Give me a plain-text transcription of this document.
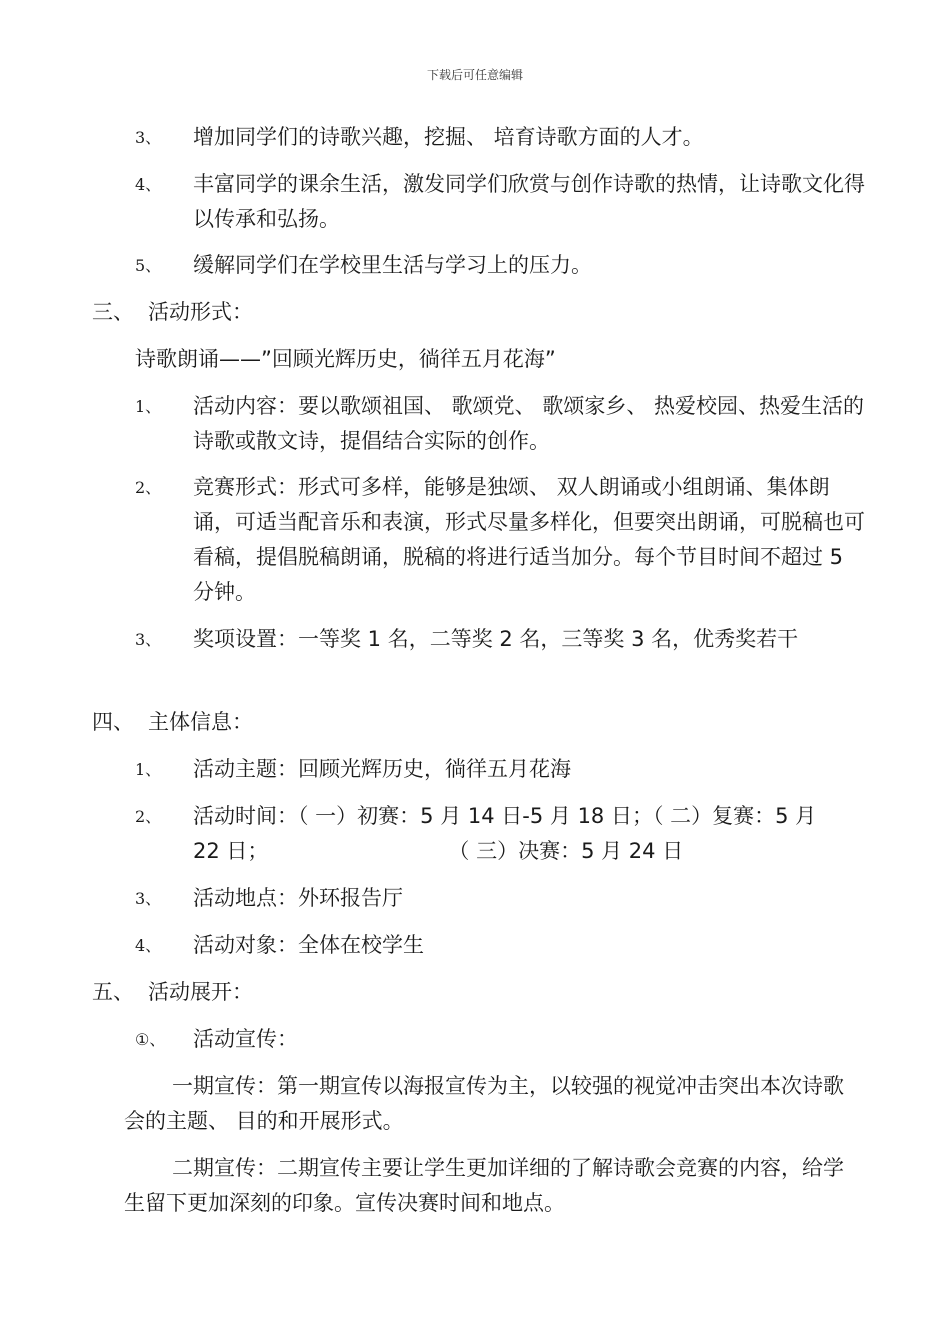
下载后可任意编辑
3、	增加同学们的诗歌兴趣，挖掘、 培育诗歌方面的人才。
4、	丰富同学的课余生活，激发同学们欣赏与创作诗歌的热情，让诗歌文化得以传承和弘扬。
5、	缓解同学们在学校里生活与学习上的压力。
三、 活动形式：
诗歌朗诵——”回顾光辉历史，徜徉五月花海”
1、	活动内容：要以歌颂祖国、 歌颂党、 歌颂家乡、 热爱校园、热爱生活的诗歌或散文诗，提倡结合实际的创作。
2、	竞赛形式：形式可多样，能够是独颂、 双人朗诵或小组朗诵、集体朗诵，可适当配音乐和表演，形式尽量多样化，但要突出朗诵，可脱稿也可看稿，提倡脱稿朗诵，脱稿的将进行适当加分。每个节目时间不超过 5 分钟。
3、	奖项设置：一等奖 1 名，二等奖 2 名，三等奖 3 名，优秀奖若干
四、 主体信息：
1、	活动主题：回顾光辉历史，徜徉五月花海
2、	活动时间：（ 一）初赛：5 月 14 日-5 月 18 日；（ 二）复赛：5 月
22 日；	（ 三）决赛：5 月 24 日
3、	活动地点：外环报告厅
4、	活动对象：全体在校学生
五、 活动展开：
①、	活动宣传：
一期宣传：第一期宣传以海报宣传为主，以较强的视觉冲击突出本次诗歌会的主题、 目的和开展形式。
二期宣传：二期宣传主要让学生更加详细的了解诗歌会竞赛的内容，给学生留下更加深刻的印象。宣传决赛时间和地点。
